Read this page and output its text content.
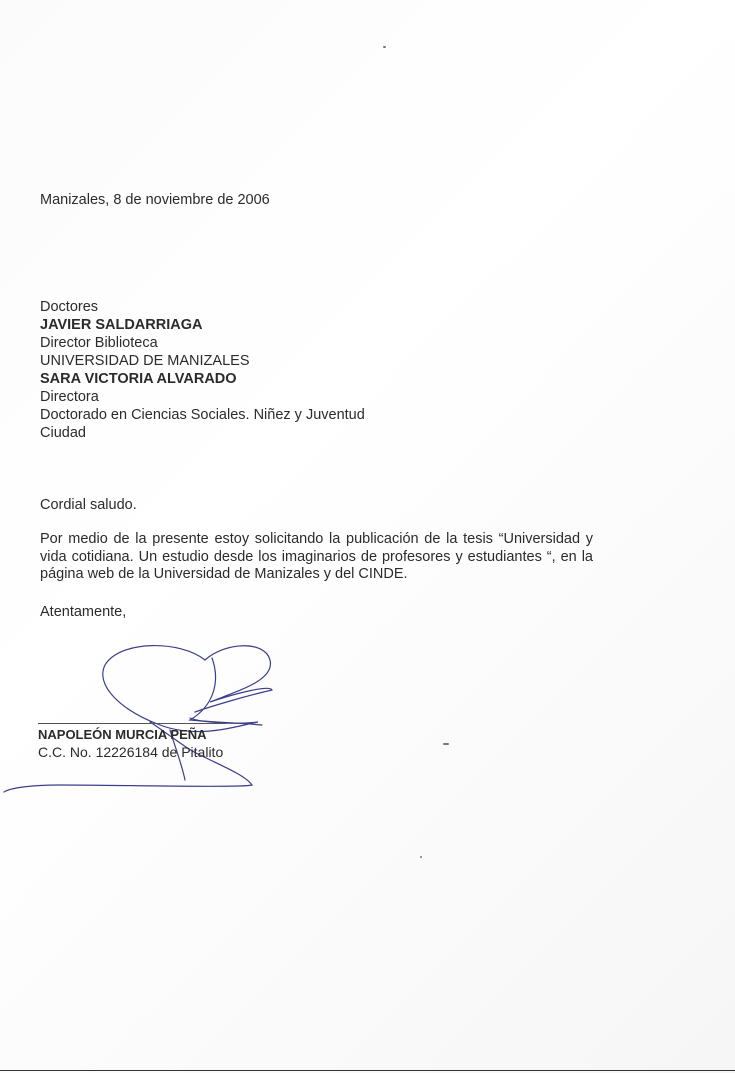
Manizales, 8 de noviembre de 2006
Doctores
JAVIER SALDARRIAGA
Director Biblioteca
UNIVERSIDAD DE MANIZALES
SARA VICTORIA ALVARADO
Directora
Doctorado en Ciencias Sociales. Niñez y Juventud
Ciudad
Cordial saludo.
Por medio de la presente estoy solicitando la publicación de la tesis “Universidad y vida cotidiana. Un estudio desde los imaginarios de profesores y estudiantes “, en la página web de la Universidad de Manizales y del CINDE.
Atentamente,
NAPOLEÓN MURCIA PEÑA
C.C. No. 12226184 de Pitalito
